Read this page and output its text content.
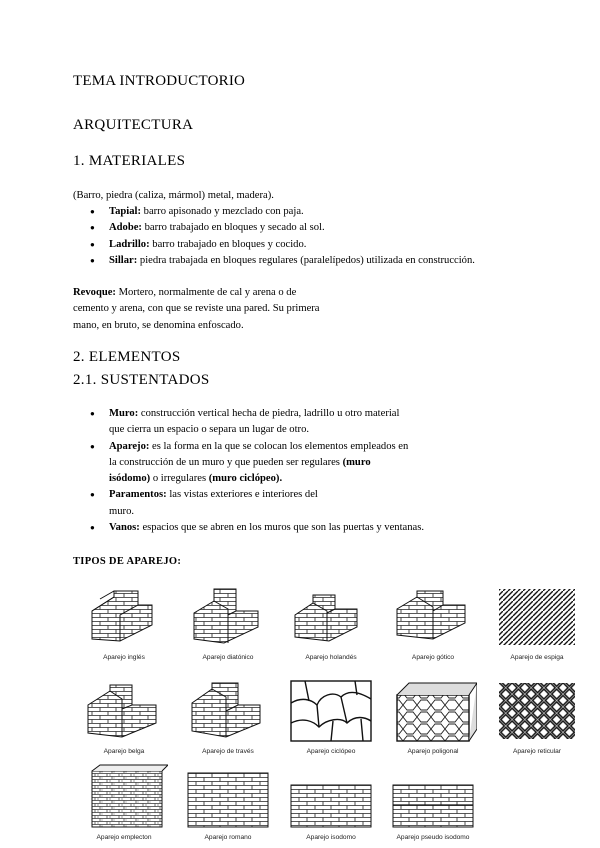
TEMA INTRODUCTORIO
ARQUITECTURA
1. MATERIALES
(Barro, piedra (caliza, mármol) metal, madera).
● Tapial: barro apisonado y mezclado con paja.
● Adobe: barro trabajado en bloques y secado al sol.
● Ladrillo: barro trabajado en bloques y cocido.
● Sillar: piedra trabajada en bloques regulares (paralelípedos) utilizada en construcción.
Revoque: Mortero, normalmente de cal y arena o de
cemento y arena, con que se reviste una pared. Su primera
mano, en bruto, se denomina enfoscado.
2. ELEMENTOS
2.1. SUSTENTADOS
● Muro: construcción vertical hecha de piedra, ladrillo u otro material
que cierra un espacio o separa un lugar de otro.
● Aparejo: es la forma en la que se colocan los elementos empleados en
la construcción de un muro y que pueden ser regulares (muro
isódomo) o irregulares (muro ciclópeo).
● Paramentos: las vistas exteriores e interiores del
muro.
● Vanos: espacios que se abren en los muros que son las puertas y ventanas.
TIPOS DE APAREJO:
Aparejo inglés	Aparejo diatónico	Aparejo holandés	Aparejo gótico	Aparejo de espiga
Aparejo belga	Aparejo de través	Aparejo ciclópeo	Aparejo poligonal	Aparejo reticular
Aparejo emplecton	Aparejo romano	Aparejo isodomo	Aparejo pseudo isodomo
